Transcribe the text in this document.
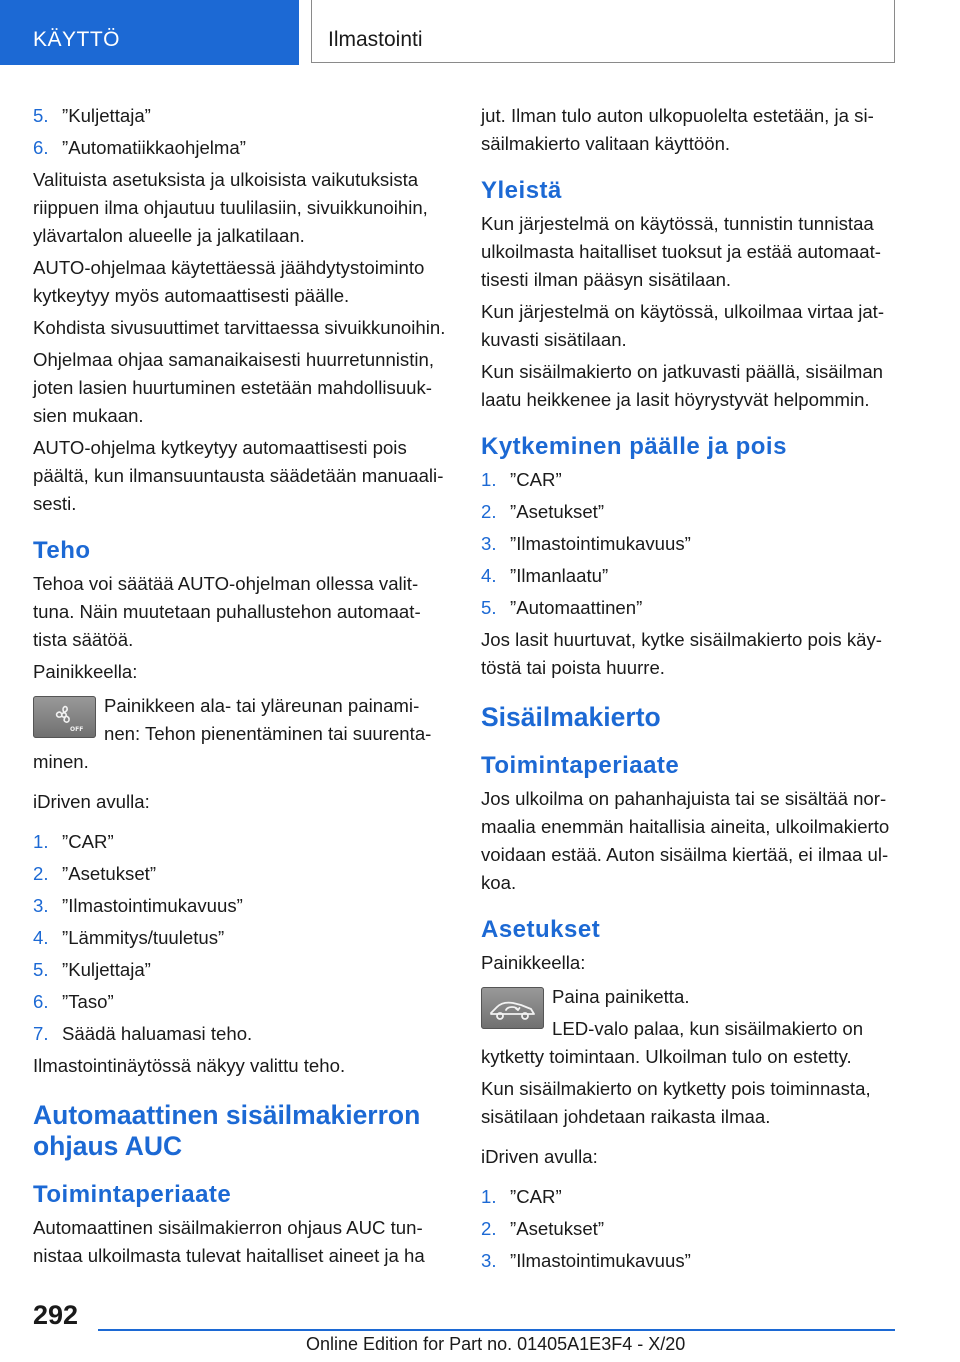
KÄYTTÖ	Ilmastointi
5. ”Kuljettaja”
6. ”Automatiikkaohjelma”

Valituista asetuksista ja ulkoisista vaikutuksista riippuen ilma ohjautuu tuulilasiin, sivuikkunoihin, ylävartalon alueelle ja jalkatilaan.

AUTO-ohjelmaa käytettäessä jäähdytystoiminto kytkeytyy myös automaattisesti päälle.

Kohdista sivusuuttimet tarvittaessa sivuikkunoihin.

Ohjelmaa ohjaa samanaikaisesti huurretunnistin, joten lasien huurtuminen estetään mahdollisuuksien mukaan.

AUTO-ohjelma kytkeytyy automaattisesti pois päältä, kun ilmansuuntausta säädetään manuaalisesti.

Teho

Tehoa voi säätää AUTO-ohjelman ollessa valittuna. Näin muutetaan puhallustehon automaattista säätöä.

Painikkeella:

OFF
Painikkeen ala- tai yläreunan painaminen: Tehon pienentäminen tai suurentaminen.

iDriven avulla:

1. ”CAR”
2. ”Asetukset”
3. ”Ilmastointimukavuus”
4. ”Lämmitys/tuuletus”
5. ”Kuljettaja”
6. ”Taso”
7. Säädä haluamasi teho.

Ilmastointinäytössä näkyy valittu teho.

Automaattinen sisäilmakierron ohjaus AUC
Toimintaperiaate

Automaattinen sisäilmakierron ohjaus AUC tunnistaa ulkoilmasta tulevat haitalliset aineet ja ha

jut. Ilman tulo auton ulkopuolelta estetään, ja sisäilmakierto valitaan käyttöön.

Yleistä

Kun järjestelmä on käytössä, tunnistin tunnistaa ulkoilmasta haitalliset tuoksut ja estää automaattisesti ilman pääsyn sisätilaan.

Kun järjestelmä on käytössä, ulkoilmaa virtaa jatkuvasti sisätilaan.

Kun sisäilmakierto on jatkuvasti päällä, sisäilman laatu heikkenee ja lasit höyrystyvät helpommin.

Kytkeminen päälle ja pois
1. ”CAR”
2. ”Asetukset”
3. ”Ilmastointimukavuus”
4. ”Ilmanlaatu”
5. ”Automaattinen”

Jos lasit huurtuvat, kytke sisäilmakierto pois käytöstä tai poista huurre.

Sisäilmakierto
Toimintaperiaate

Jos ulkoilma on pahanhajuista tai se sisältää normaalia enemmän haitallisia aineita, ulkoilmakierto voidaan estää. Auton sisäilma kiertää, ei ilmaa ulkoa.

Asetukset

Painikkeella:

Paina painiketta.

LED-valo palaa, kun sisäilmakierto on kytketty toimintaan. Ulkoilman tulo on estetty.

Kun sisäilmakierto on kytketty pois toiminnasta, sisätilaan johdetaan raikasta ilmaa.

iDriven avulla:

1. ”CAR”
2. ”Asetukset”
3. ”Ilmastointimukavuus”
292
Online Edition for Part no. 01405A1E3F4 - X/20
